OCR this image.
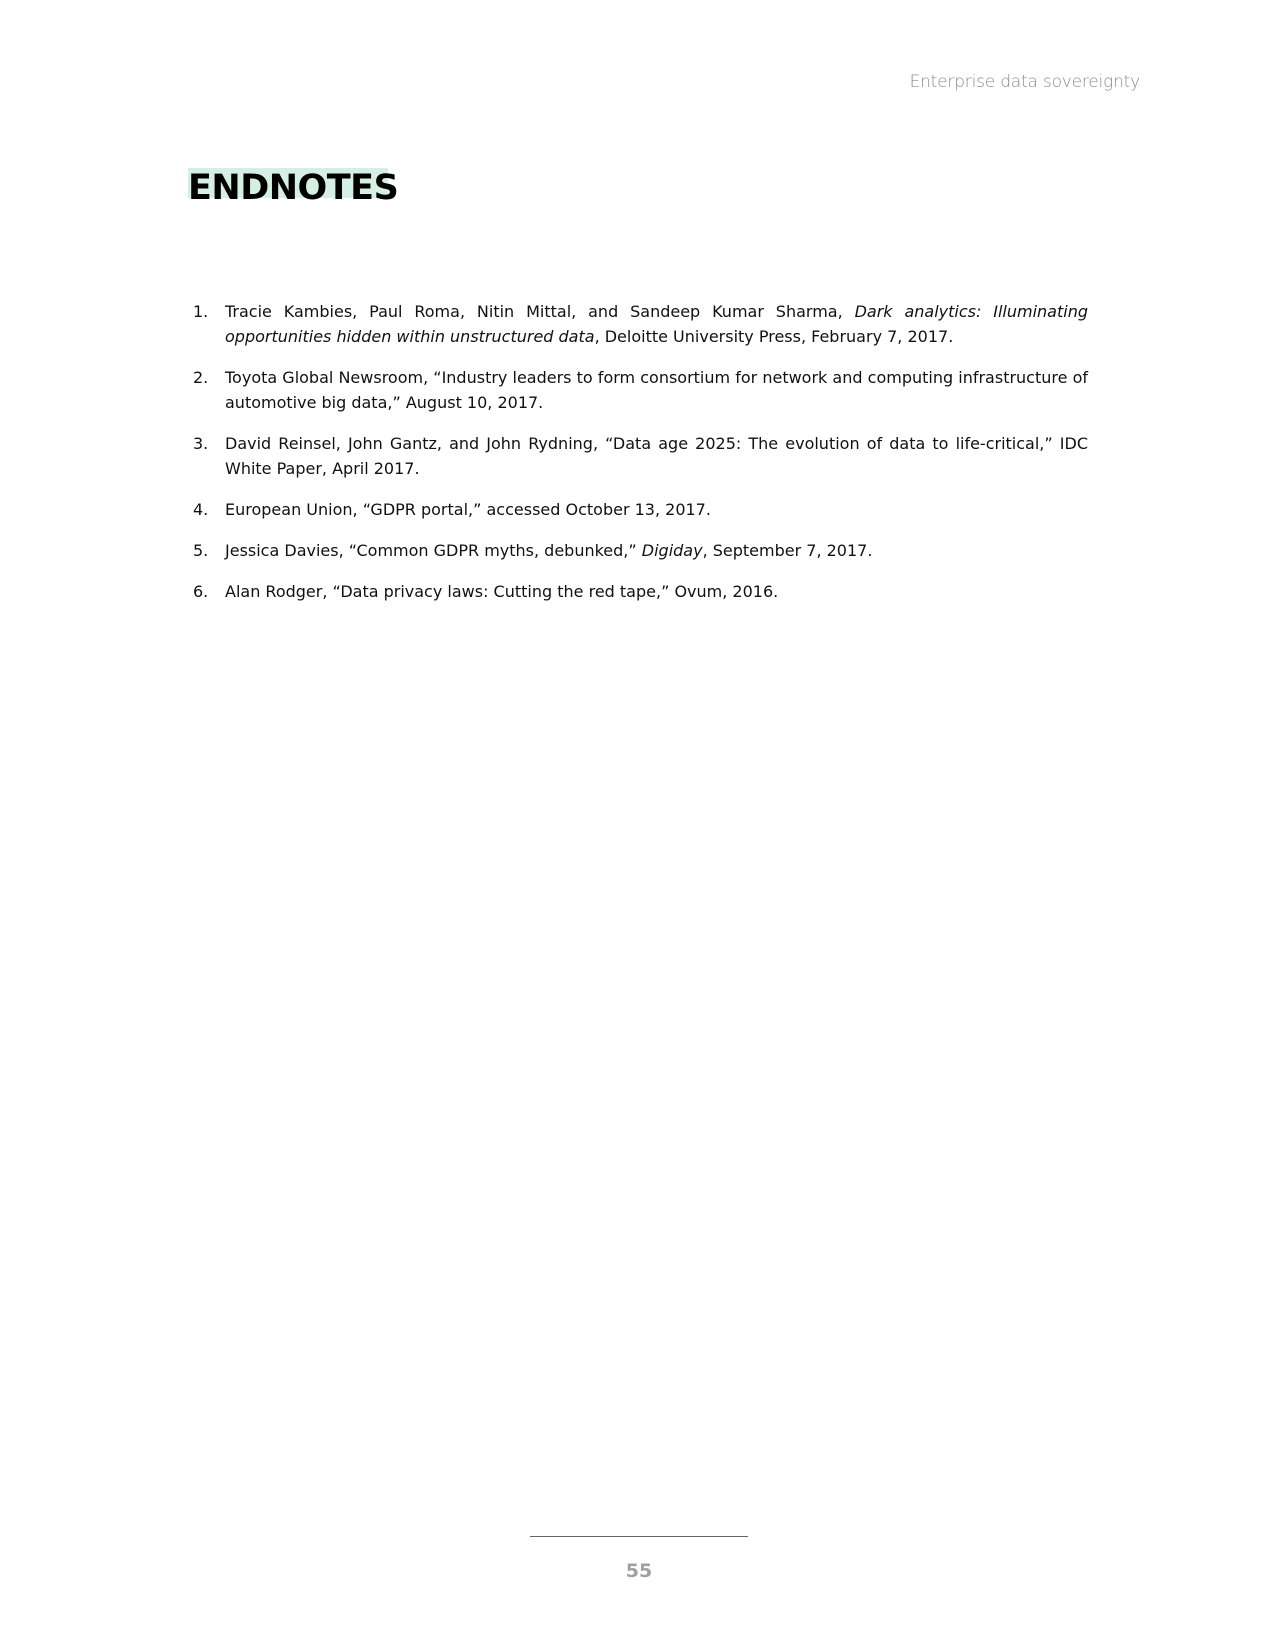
Enterprise data sovereignty
ENDNOTES
1.	Tracie Kambies, Paul Roma, Nitin Mittal, and Sandeep Kumar Sharma, Dark analytics: Illuminating opportunities hidden within unstructured data, Deloitte University Press, February 7, 2017.
2.	Toyota Global Newsroom, “Industry leaders to form consortium for network and computing infrastructure of automotive big data,” August 10, 2017.
3.	David Reinsel, John Gantz, and John Rydning, “Data age 2025: The evolution of data to life-critical,” IDC White Paper, April 2017.
4.	European Union, “GDPR portal,” accessed October 13, 2017.
5.	Jessica Davies, “Common GDPR myths, debunked,” Digiday, September 7, 2017.
6.	Alan Rodger, “Data privacy laws: Cutting the red tape,” Ovum, 2016.
55
